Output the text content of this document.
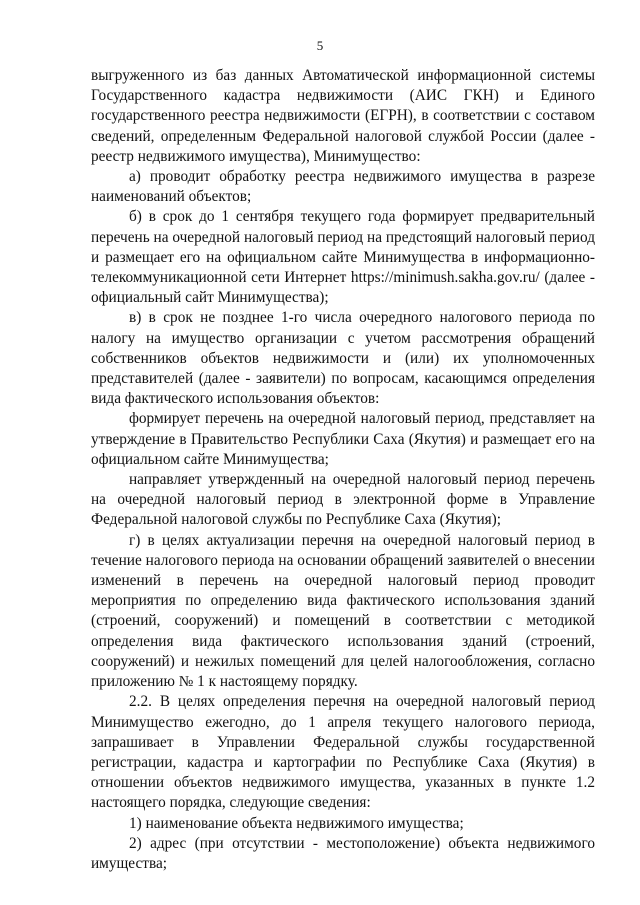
5

выгруженного из баз данных Автоматической информационной системы Государственного кадастра недвижимости (АИС ГКН) и Единого государственного реестра недвижимости (ЕГРН), в соответствии с составом сведений, определенным Федеральной налоговой службой России (далее - реестр недвижимого имущества), Минимущество:

а) проводит обработку реестра недвижимого имущества в разрезе наименований объектов;

б) в срок до 1 сентября текущего года формирует предварительный перечень на очередной налоговый период на предстоящий налоговый период и размещает его на официальном сайте Минимущества в информационно-телекоммуникационной сети Интернет https://minimush.sakha.gov.ru/ (далее - официальный сайт Минимущества);

в) в срок не позднее 1-го числа очередного налогового периода по налогу на имущество организации с учетом рассмотрения обращений собственников объектов недвижимости и (или) их уполномоченных представителей (далее - заявители) по вопросам, касающимся определения вида фактического использования объектов:

формирует перечень на очередной налоговый период, представляет на утверждение в Правительство Республики Саха (Якутия) и размещает его на официальном сайте Минимущества;

направляет утвержденный на очередной налоговый период перечень на очередной налоговый период в электронной форме в Управление Федеральной налоговой службы по Республике Саха (Якутия);

г) в целях актуализации перечня на очередной налоговый период в течение налогового периода на основании обращений заявителей о внесении изменений в перечень на очередной налоговый период проводит мероприятия по определению вида фактического использования зданий (строений, сооружений) и помещений в соответствии с методикой определения вида фактического использования зданий (строений, сооружений) и нежилых помещений для целей налогообложения, согласно приложению № 1 к настоящему порядку.

2.2. В целях определения перечня на очередной налоговый период Минимущество ежегодно, до 1 апреля текущего налогового периода, запрашивает в Управлении Федеральной службы государственной регистрации, кадастра и картографии по Республике Саха (Якутия) в отношении объектов недвижимого имущества, указанных в пункте 1.2 настоящего порядка, следующие сведения:

1) наименование объекта недвижимого имущества;

2) адрес (при отсутствии - местоположение) объекта недвижимого имущества;
